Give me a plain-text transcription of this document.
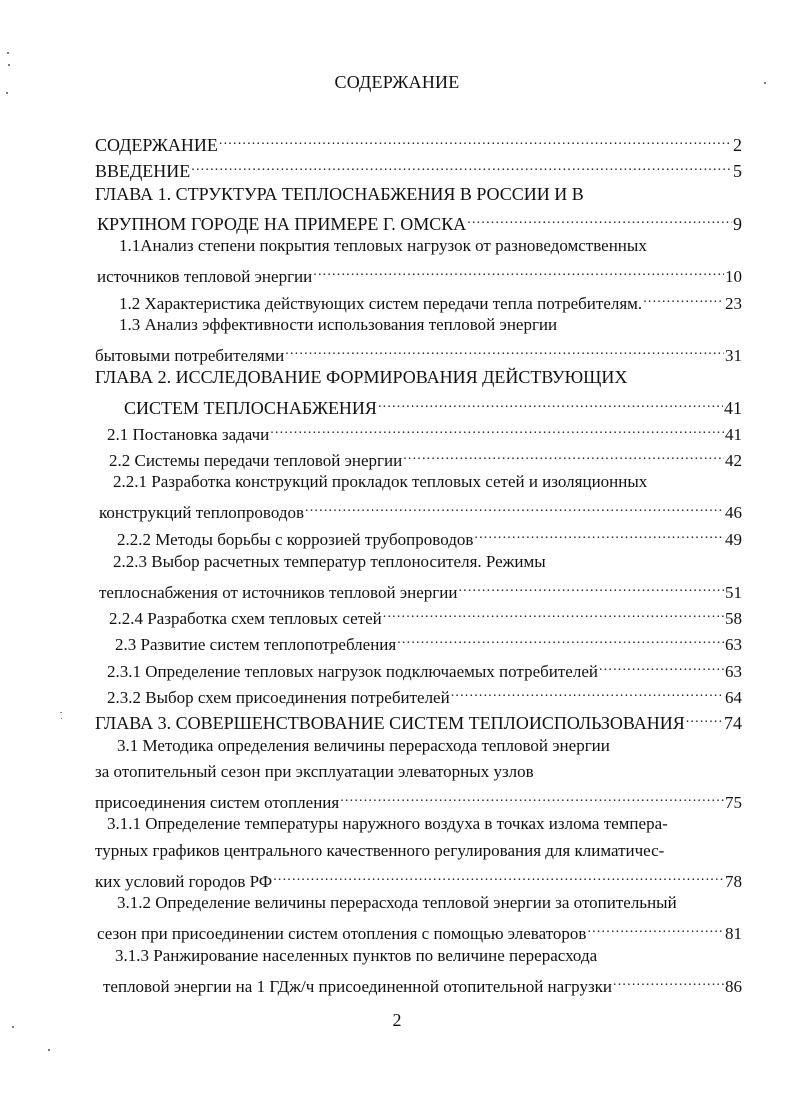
СОДЕРЖАНИЕ
СОДЕРЖАНИЕ .....	2
ВВЕДЕНИЕ .....	5
ГЛАВА 1. СТРУКТУРА ТЕПЛОСНАБЖЕНИЯ В РОССИИ И В
КРУПНОМ ГОРОДЕ НА ПРИМЕРЕ Г. ОМСКА .....	9
1.1Анализ степени покрытия тепловых нагрузок от разноведомственных
источников тепловой энергии .....	10
1.2 Характеристика действующих систем передачи тепла потребителям. .....	23
1.3 Анализ эффективности использования тепловой энергии
бытовыми потребителями .....	31
ГЛАВА 2. ИССЛЕДОВАНИЕ ФОРМИРОВАНИЯ ДЕЙСТВУЮЩИХ
СИСТЕМ ТЕПЛОСНАБЖЕНИЯ .....	41
2.1 Постановка задачи .....	41
2.2 Системы передачи тепловой энергии .....	42
2.2.1 Разработка конструкций прокладок тепловых сетей и изоляционных
конструкций теплопроводов .....	46
2.2.2 Методы борьбы с коррозией трубопроводов .....	49
2.2.3 Выбор расчетных температур теплоносителя. Режимы
теплоснабжения от источников тепловой энергии .....	51
2.2.4 Разработка схем тепловых сетей .....	58
2.3 Развитие систем теплопотребления .....	63
2.3.1 Определение тепловых нагрузок подключаемых потребителей .....	63
2.3.2 Выбор схем присоединения потребителей .....	64
ГЛАВА 3. СОВЕРШЕНСТВОВАНИЕ СИСТЕМ ТЕПЛОИСПОЛЬЗОВАНИЯ ..... 74
3.1 Методика определения величины перерасхода тепловой энергии
за отопительный сезон при эксплуатации элеваторных узлов
присоединения систем отопления .....	75
3.1.1 Определение температуры наружного воздуха в точках излома темпера-
турных графиков центрального качественного регулирования для климатичес-
ких условий городов РФ .....	78
3.1.2 Определение величины перерасхода тепловой энергии за отопительный
сезон при присоединении систем отопления с помощью элеваторов .....	81
3.1.3 Ранжирование населенных пунктов по величине перерасхода
тепловой энергии на 1 ГДж/ч присоединенной отопительной нагрузки .....	86
2
